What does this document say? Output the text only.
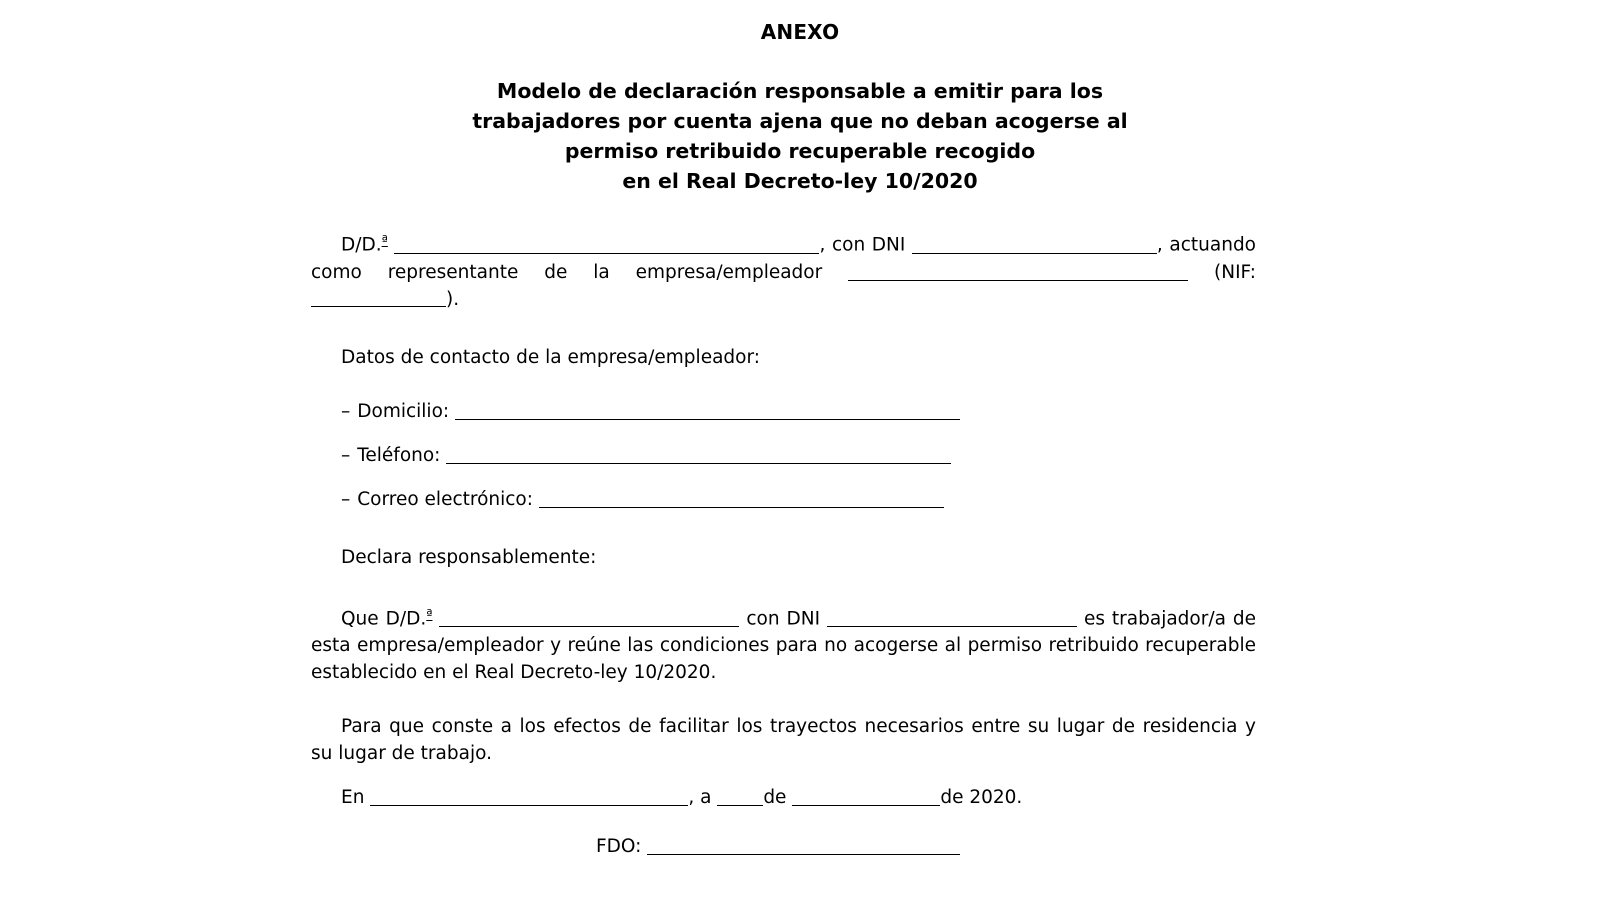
ANEXO
Modelo de declaración responsable a emitir para los
trabajadores por cuenta ajena que no deban acogerse al
permiso retribuido recuperable recogido
en el Real Decreto-ley 10/2020

D/D.$^ª$	, con DNI	, actuando como representante de la empresa/empleador	(NIF:).

Datos de contacto de la empresa/empleador:

– Domicilio:
– Teléfono:
– Correo electrónico:

Declara responsablemente:

Que D/D.$^ª$	con DNI	es trabajador/a de esta empresa/empleador y reúne las condiciones para no acogerse al permiso retribuido recuperable establecido en el Real Decreto-ley 10/2020.

Para que conste a los efectos de facilitar los trayectos necesarios entre su lugar de residencia y su lugar de trabajo.

En	, a	de	de 2020.
FDO:
